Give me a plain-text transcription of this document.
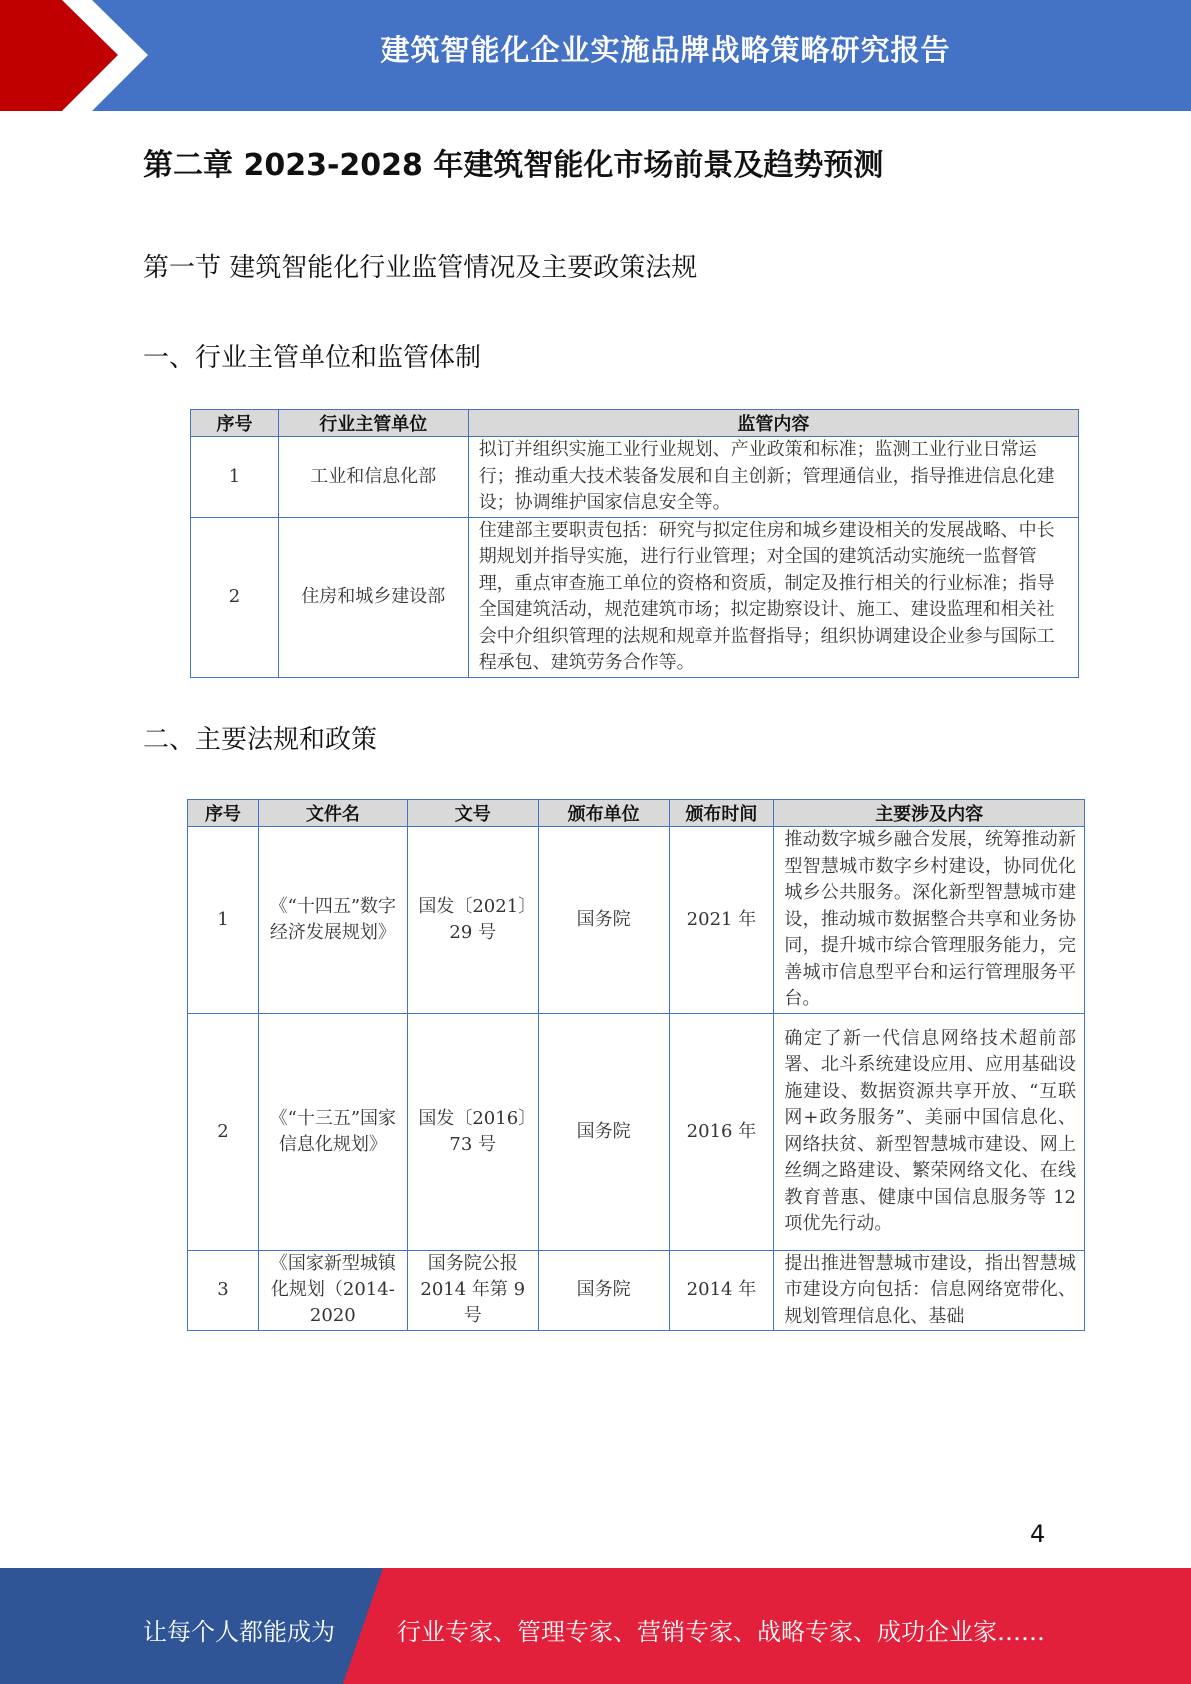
建筑智能化企业实施品牌战略策略研究报告
第二章 2023-2028 年建筑智能化市场前景及趋势预测
第一节 建筑智能化行业监管情况及主要政策法规
一、行业主管单位和监管体制
序号	行业主管单位	监管内容
1	工业和信息化部	拟订并组织实施工业行业规划、产业政策和标准；监测工业行业日常运行；推动重大技术装备发展和自主创新；管理通信业，指导推进信息化建设；协调维护国家信息安全等。
2	住房和城乡建设部	住建部主要职责包括：研究与拟定住房和城乡建设相关的发展战略、中长期规划并指导实施，进行行业管理；对全国的建筑活动实施统一监督管理，重点审查施工单位的资格和资质，制定及推行相关的行业标准；指导全国建筑活动，规范建筑市场；拟定勘察设计、施工、建设监理和相关社会中介组织管理的法规和规章并监督指导；组织协调建设企业参与国际工程承包、建筑劳务合作等。
二、主要法规和政策
序号	文件名	文号	颁布单位	颁布时间	主要涉及内容
1	《“十四五”数字经济发展规划》	国发〔2021〕29 号	国务院	2021 年	推动数字城乡融合发展，统筹推动新型智慧城市数字乡村建设，协同优化城乡公共服务。深化新型智慧城市建设，推动城市数据整合共享和业务协同，提升城市综合管理服务能力，完善城市信息型平台和运行管理服务平台。
2	《“十三五”国家信息化规划》	国发〔2016〕73 号	国务院	2016 年	确定了新一代信息网络技术超前部署、北斗系统建设应用、应用基础设施建设、数据资源共享开放、“互联网+政务服务”、美丽中国信息化、网络扶贫、新型智慧城市建设、网上丝绸之路建设、繁荣网络文化、在线教育普惠、健康中国信息服务等 12 项优先行动。
3	《国家新型城镇化规划（2014-2020	国务院公报2014 年第 9 号	国务院	2014 年	提出推进智慧城市建设，指出智慧城市建设方向包括：信息网络宽带化、规划管理信息化、基础
4
让每个人都能成为	行业专家、管理专家、营销专家、战略专家、成功企业家……
